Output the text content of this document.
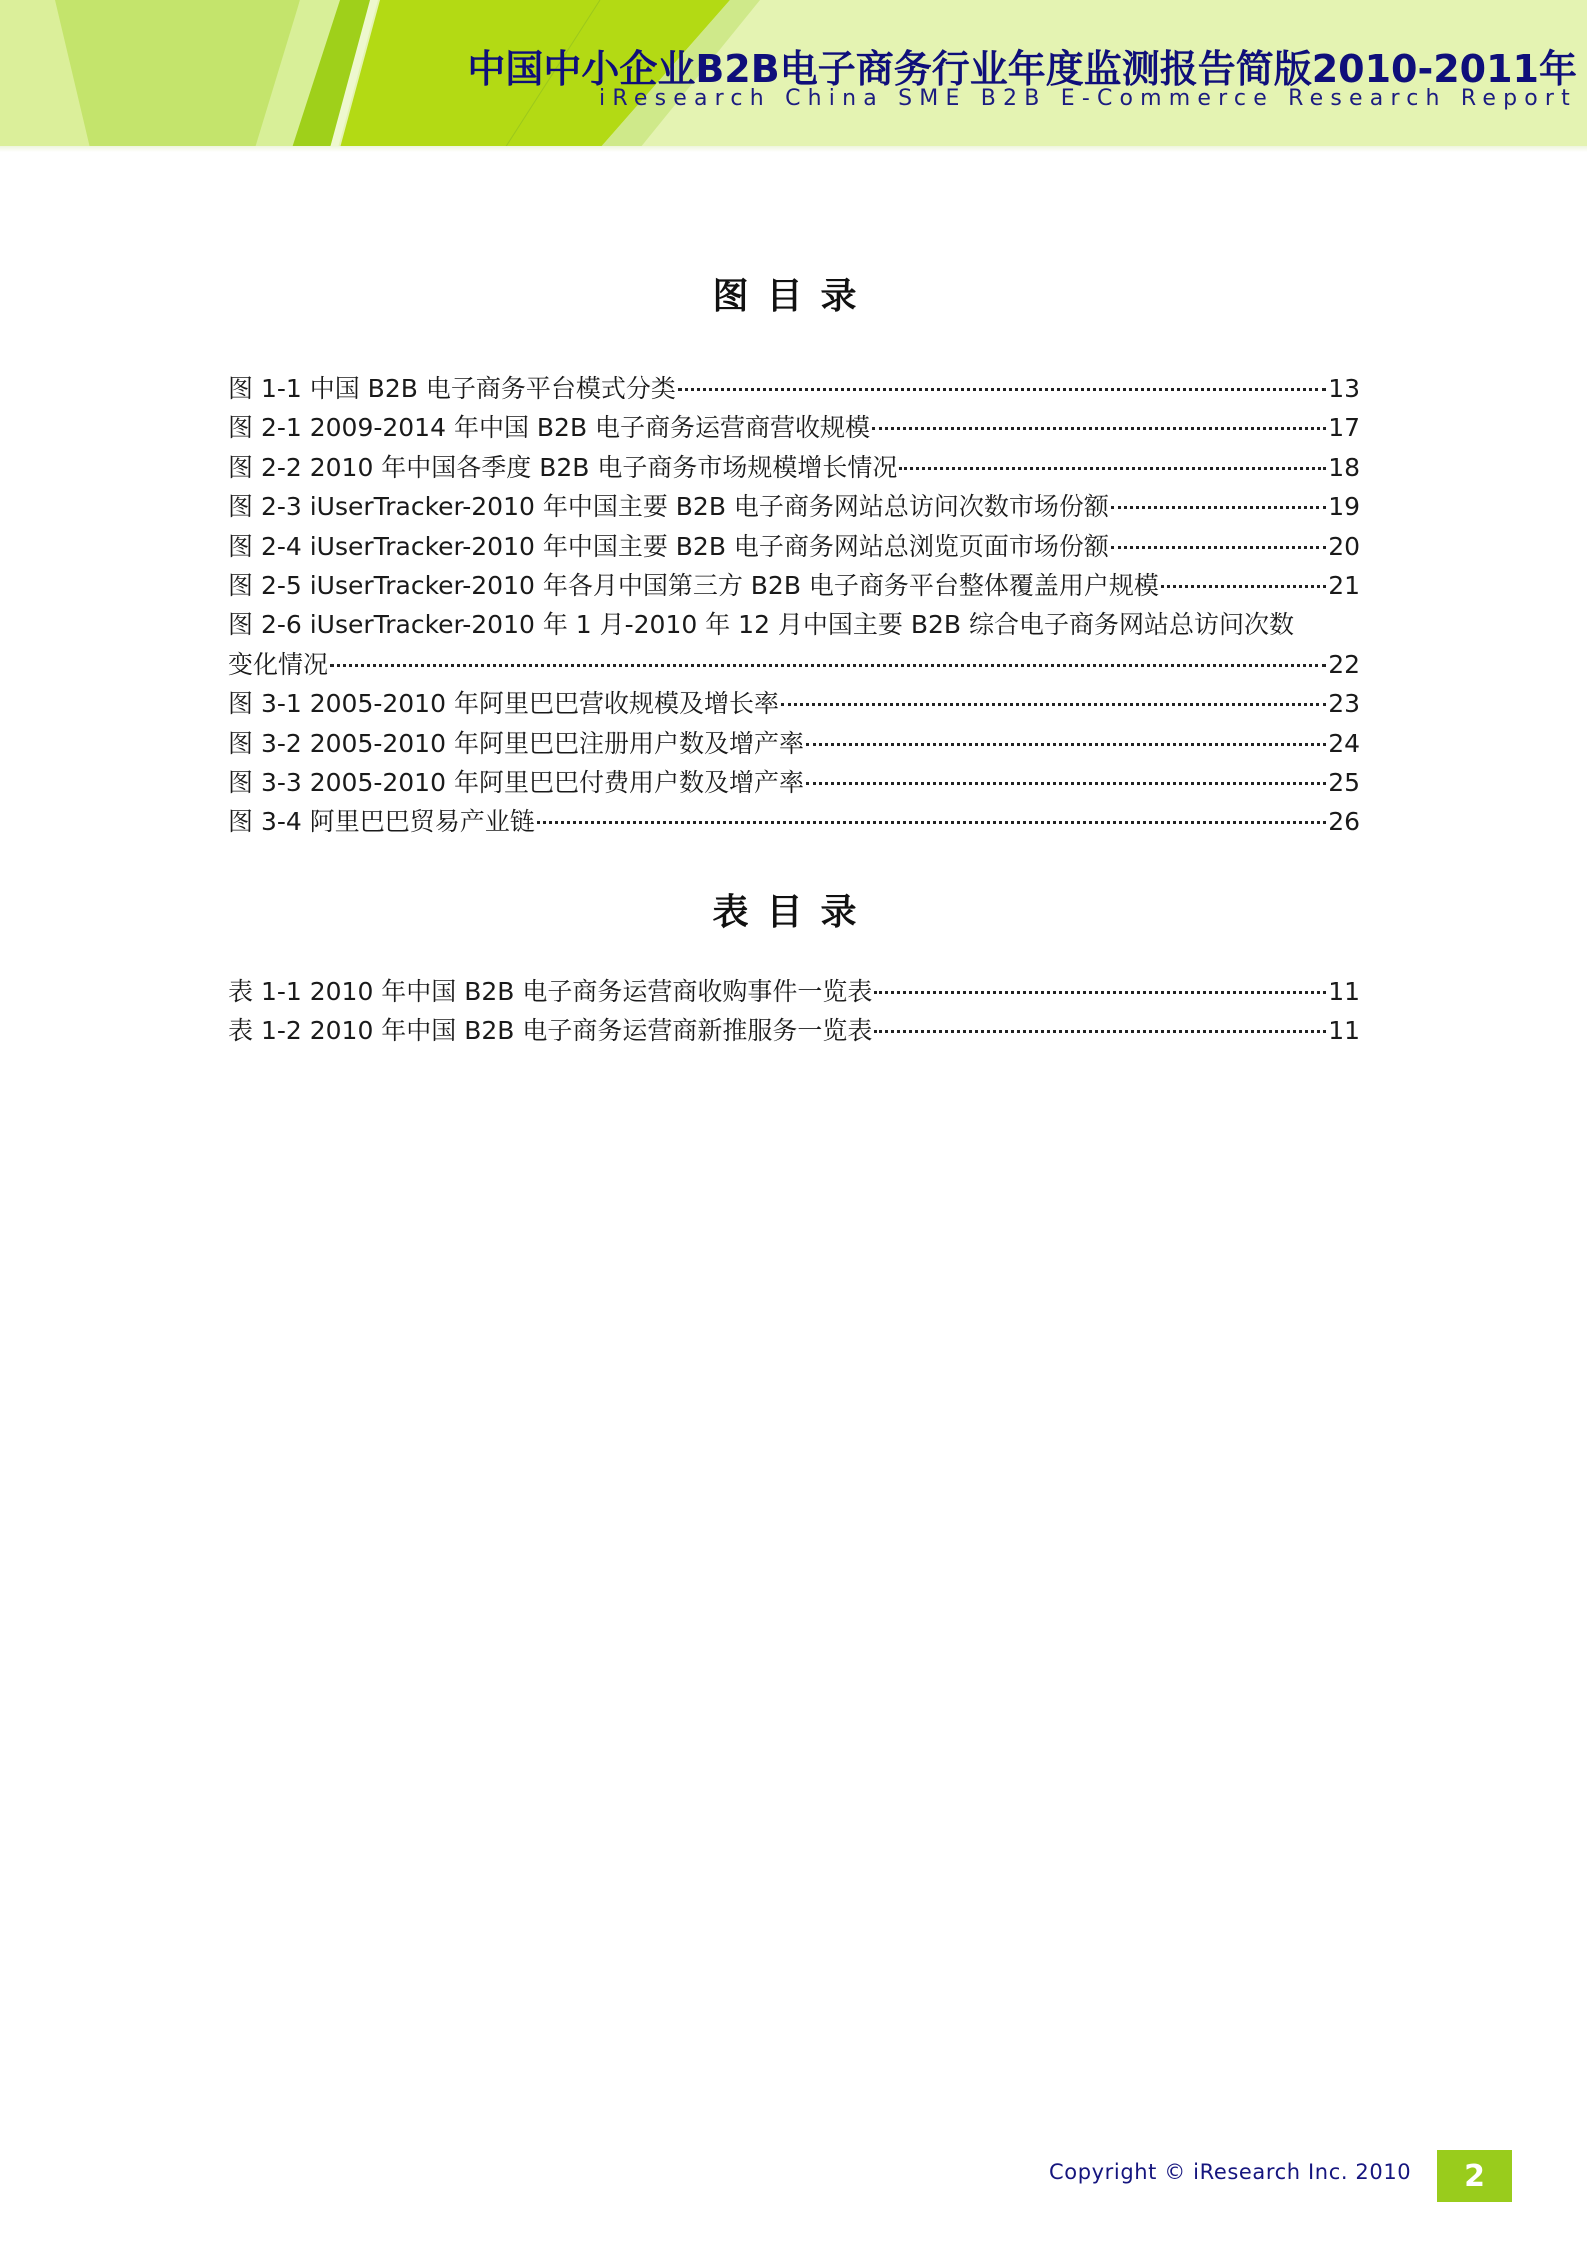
中国中小企业B2B电子商务行业年度监测报告简版2010-2011年
iResearch China SME B2B E-Commerce Research Report
图目录
图 1-1 中国 B2B 电子商务平台模式分类	13
图 2-1 2009-2014 年中国 B2B 电子商务运营商营收规模	17
图 2-2 2010 年中国各季度 B2B 电子商务市场规模增长情况	18
图 2-3 iUserTracker-2010 年中国主要 B2B 电子商务网站总访问次数市场份额	19
图 2-4 iUserTracker-2010 年中国主要 B2B 电子商务网站总浏览页面市场份额	20
图 2-5 iUserTracker-2010 年各月中国第三方 B2B 电子商务平台整体覆盖用户规模	21
图 2-6 iUserTracker-2010 年 1 月-2010 年 12 月中国主要 B2B 综合电子商务网站总访问次数
变化情况	22
图 3-1 2005-2010 年阿里巴巴营收规模及增长率	23
图 3-2 2005-2010 年阿里巴巴注册用户数及增产率	24
图 3-3 2005-2010 年阿里巴巴付费用户数及增产率	25
图 3-4 阿里巴巴贸易产业链	26
表目录
表 1-1 2010 年中国 B2B 电子商务运营商收购事件一览表	11
表 1-2 2010 年中国 B2B 电子商务运营商新推服务一览表	11
Copyright © iResearch Inc. 2010	2
